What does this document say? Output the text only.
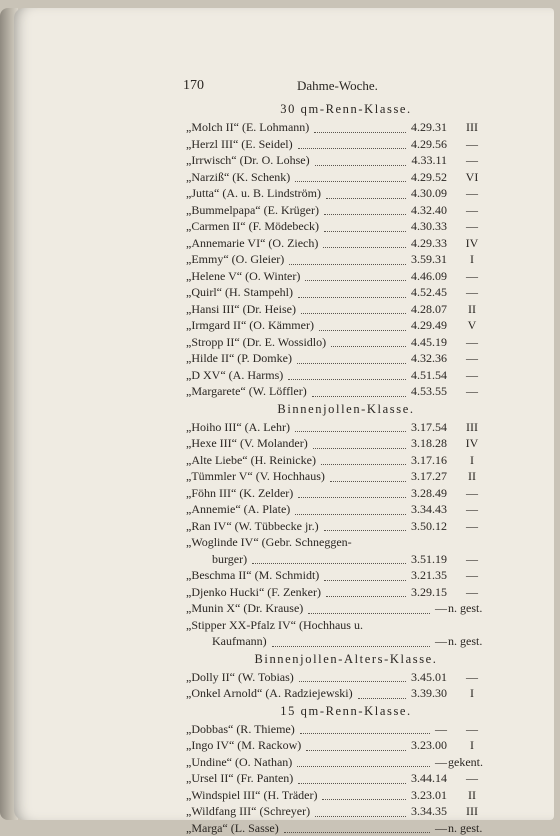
170	Dahme-Woche.
30 qm-Renn-Klasse.
„Molch II“ (E. Lohmann)	4.29.31	III
„Herzl III“ (E. Seidel)	4.29.56	—
„Irrwisch“ (Dr. O. Lohse)	4.33.11	—
„Narziß“ (K. Schenk)	4.29.52	VI
„Jutta“ (A. u. B. Lindström)	4.30.09	—
„Bummelpapa“ (E. Krüger)	4.32.40	—
„Carmen II“ (F. Mödebeck)	4.30.33	—
„Annemarie VI“ (O. Ziech)	4.29.33	IV
„Emmy“ (O. Gleier)	3.59.31	I
„Helene V“ (O. Winter)	4.46.09	—
„Quirl“ (H. Stampehl)	4.52.45	—
„Hansi III“ (Dr. Heise)	4.28.07	II
„Irmgard II“ (O. Kämmer)	4.29.49	V
„Stropp II“ (Dr. E. Wossidlo)	4.45.19	—
„Hilde II“ (P. Domke)	4.32.36	—
„D XV“ (A. Harms)	4.51.54	—
„Margarete“ (W. Löffler)	4.53.55	—
Binnenjollen-Klasse.
„Hoiho III“ (A. Lehr)	3.17.54	III
„Hexe III“ (V. Molander)	3.18.28	IV
„Alte Liebe“ (H. Reinicke)	3.17.16	I
„Tümmler V“ (V. Hochhaus)	3.17.27	II
„Föhn III“ (K. Zelder)	3.28.49	—
„Annemie“ (A. Plate)	3.34.43	—
„Ran IV“ (W. Tübbecke jr.)	3.50.12	—
„Woglinde IV“ (Gebr. Schneggen-
burger)	3.51.19	—
„Beschma II“ (M. Schmidt)	3.21.35	—
„Djenko Hucki“ (F. Zenker)	3.29.15	—
„Munin X“ (Dr. Krause)	— n. gest.
„Stipper XX-Pfalz IV“ (Hochhaus u.
Kaufmann)	— n. gest.
Binnenjollen-Alters-Klasse.
„Dolly II“ (W. Tobias)	3.45.01	—
„Onkel Arnold“ (A. Radziejewski)	3.39.30	I
15 qm-Renn-Klasse.
„Dobbas“ (R. Thieme)	—	—
„Ingo IV“ (M. Rackow)	3.23.00	I
„Undine“ (O. Nathan)	— gekent.
„Ursel II“ (Fr. Panten)	3.44.14	—
„Windspiel III“ (H. Träder)	3.23.01	II
„Wildfang III“ (Schreyer)	3.34.35	III
„Marga“ (L. Sasse)	— n. gest.
